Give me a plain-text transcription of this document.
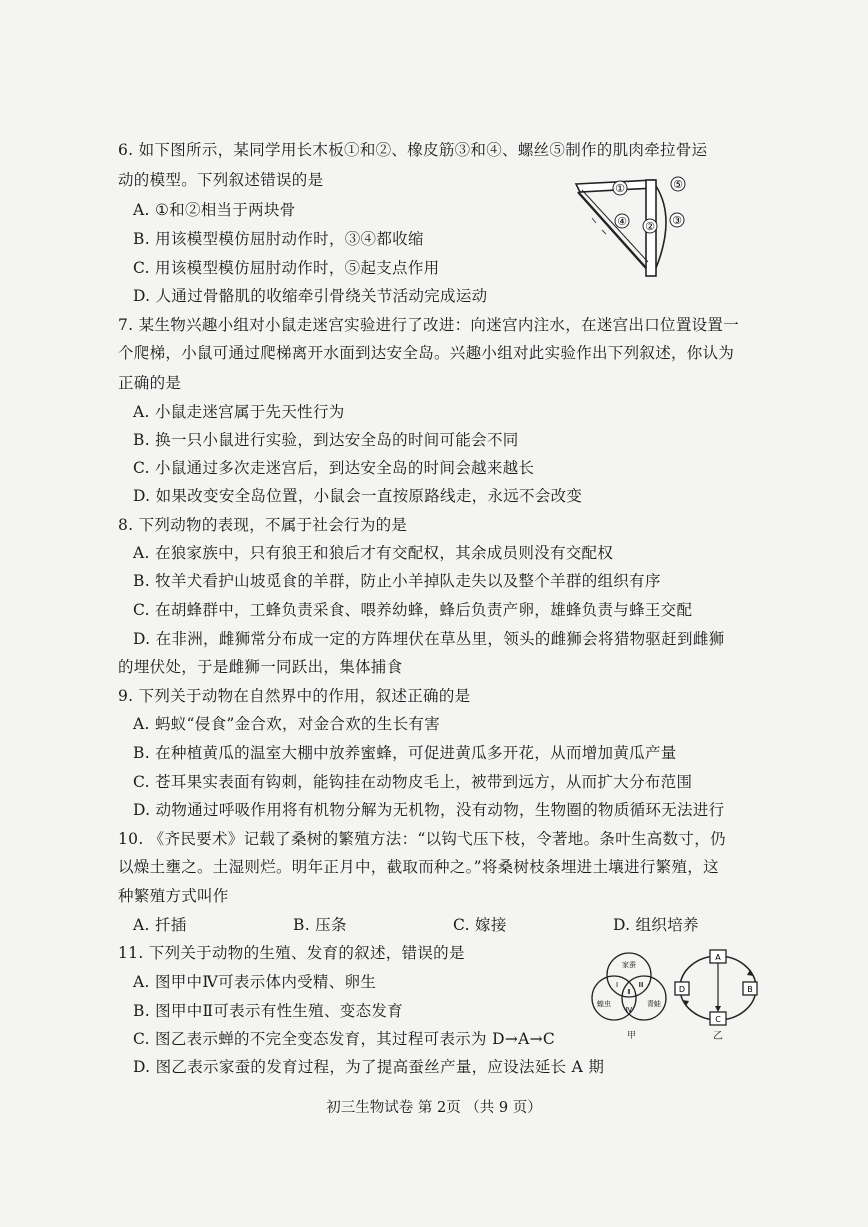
6. 如下图所示，某同学用长木板①和②、橡皮筋③和④、螺丝⑤制作的肌肉牵拉骨运
动的模型。下列叙述错误的是
A. ①和②相当于两块骨
B. 用该模型模仿屈肘动作时，③④都收缩
C. 用该模型模仿屈肘动作时，⑤起支点作用
D. 人通过骨骼肌的收缩牵引骨绕关节活动完成运动
①
② ③
④
⑤
7. 某生物兴趣小组对小鼠走迷宫实验进行了改进：向迷宫内注水，在迷宫出口位置设置一
个爬梯，小鼠可通过爬梯离开水面到达安全岛。兴趣小组对此实验作出下列叙述，你认为
正确的是
A. 小鼠走迷宫属于先天性行为
B. 换一只小鼠进行实验，到达安全岛的时间可能会不同
C. 小鼠通过多次走迷宫后，到达安全岛的时间会越来越长
D. 如果改变安全岛位置，小鼠会一直按原路线走，永远不会改变
8. 下列动物的表现，不属于社会行为的是
A. 在狼家族中，只有狼王和狼后才有交配权，其余成员则没有交配权
B. 牧羊犬看护山坡觅食的羊群，防止小羊掉队走失以及整个羊群的组织有序
C. 在胡蜂群中，工蜂负责采食、喂养幼蜂，蜂后负责产卵，雄蜂负责与蜂王交配
D. 在非洲，雌狮常分布成一定的方阵埋伏在草丛里，领头的雌狮会将猎物驱赶到雌狮
的埋伏处，于是雌狮一同跃出，集体捕食
9. 下列关于动物在自然界中的作用，叙述正确的是
A. 蚂蚁“侵食”金合欢，对金合欢的生长有害
B. 在种植黄瓜的温室大棚中放养蜜蜂，可促进黄瓜多开花，从而增加黄瓜产量
C. 苍耳果实表面有钩刺，能钩挂在动物皮毛上，被带到远方，从而扩大分布范围
D. 动物通过呼吸作用将有机物分解为无机物，没有动物，生物圈的物质循环无法进行
10. 《齐民要术》记载了桑树的繁殖方法：“以钩弋压下枝，令著地。条叶生高数寸，仍
以燥土壅之。土湿则烂。明年正月中，截取而种之。”将桑树枝条埋进土壤进行繁殖，这
种繁殖方式叫作
A. 扦插	B. 压条	C. 嫁接	D. 组织培养
11. 下列关于动物的生殖、发育的叙述，错误的是
A. 图甲中Ⅳ可表示体内受精、卵生
B. 图甲中Ⅱ可表示有性生殖、变态发育
C. 图乙表示蝉的不完全变态发育，其过程可表示为 D→A→C
D. 图乙表示家蚕的发育过程，为了提高蚕丝产量，应设法延长 A 期
家蚕
蝗虫	青蛙
Ⅰ
Ⅱ
Ⅲ
Ⅳ
甲
A
B
C
D
乙
初三生物试卷 第 2页 （共 9 页）
